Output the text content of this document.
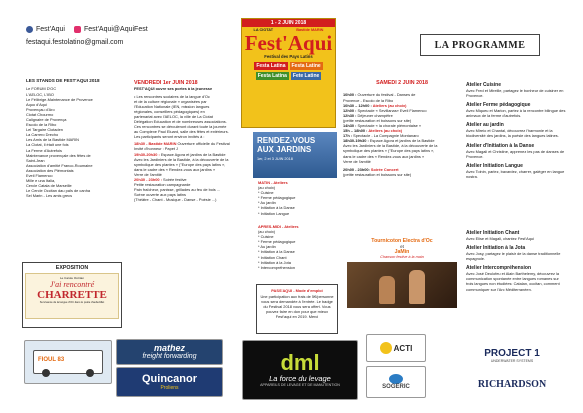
Fest'Aqui	Fest'Aqui@AquiFest
festaqui.festolatino@gmail.com
1 - 2 JUIN 2018
LA CIOTAT	Bastide MARIN
Fest'Aqui
Festival des Pays Latins
Festa Latina	Festa Latine
Festa Latina	Fete Latine
LA PROGRAMME
LES STANDS DE FEST'AQUI 2018
Le FORUM D'OC
L'AELOC, L'IBO
Le Félibrige-Maintenance de Provence
Aquo d'Aqui
Provençau d'Aro
Ciotat Chourmo
Calignaire de Provença
Escolo de la Ribo
Lei Targaire Ciotaden
La Carrero Drecho
Les Amis de la Bastide MARIN
La Ciotat, il était une fois
La Ferme d'Autrefois
Maintenance provençale des fêtes de
Saint-Jean
Association d'amitié Franco-Roumaine
Association des Piémontais
Eveil Flamenco
Mille e una Italia,
Cercle Catala de Marseille
Le Cercle Occitan dau païs de canha
Sel Marin - Les amis grecs
EXPOSITION
Le Carole Occitan
J'ai rencontré
CHARRETTE
Survivance de la langue d'OC dans le poète d'aubertillet
VENDREDI 1er JUIN 2018
FEST'AQUI ouvre ses portes à la jeunesse
• Les rencontres scolaires de la langue d'Oc
et de la culture régionale » organisées par
l'Education Nationale (IEN, mission langues
régionales, conseillers pédagogiques) en
partenariat avec l'AELOC, la ville de La Ciotat
Délégation Education et de nombreuses associations.
Ces rencontres se dérouleront durant toute la journée
au Complexe Paul Eluard, salle des fêtes et extérieurs.
Les participants seront environ invités à :
18h30 - Bastide MARIN Ouverture officielle du Festival
Invité d'honneur : Papet J
19h30-20h30 : Espace Agora et jardins de la Bastide
Avec les Jardiniers de la Bastide, à la découverte de la
symbolique des plantes » ("Europe des pays latins »,
dans le cadre des « Rendez-vous aux jardins »
Verre de l'amitié
20h30 - 23h00 : Soirée festive
Petite restauration campagnarde
Pain fraîcheur, panisse, grillades au feu de bois ...
Scène ouverte aux pays latins
(Théâtre - Chant - Musique - Danse - Poésie ...)
RENDEZ-VOUS
AUX JARDINS
1er, 2 et 3 JUIN 2018
MATIN - Ateliers
(au choix)
* Cuisine
* Ferme pédagogique
* Au jardin
* Initiation à la Danse
* Initiation Langue
APRES-MIDI - Ateliers
(au choix)
* Cuisine
* Ferme pédagogique
* Au jardin
* Initiation à la Danse
* Initiation Chant
* Initiation à la Jota
* Intercompréhension
PASS'AQUI - Mode d'emploi
Une participation aux frais de 5€/personne vous sera demandée à l'entrée. Le badge du Festival 2018 vous sera offert. Vous pouvez faire en don pour que mieux Fest'aqui en 2019. Merci
SAMEDI 2 JUIN 2018
10h00 : Ouverture du festival - Danses de
Provence - Escolo de la Ribo
10h30 – 12h00 : Ateliers (au choix)
12h00 : Spectacle « Sevillanas» Eveil Flamenco
12h30 : Déjeuner champêtre
(petite restauration et boissons sur site)
14h30 : Spectacle « la chorale piémontaise »
15h – 18h00 : Ateliers (au choix)
17h : Spectacle - La Compagnie Montanaro
18h30-19h30 : Espace Agora et jardins de la Bastide
Avec les Jardiniers de la Bastide, à la découverte de la
symbolique des plantes » ("Europe des pays latins »,
dans le cadre des « Rendez-vous aux jardins »
Verre de l'amitié
20h00 - 23h00: Soirée Concert
(petite restauration et boissons sur site)
Tournicoton Electra d'Oc
et
JaMin
Chanson festive à la main
Atelier Cuisine
Avec Fred et Mireille, partagez le bonheur de cuisiner en Provence.
Atelier Ferme pédagogique
Avec Miqueu et Marion, partez à la rencontre bilingue des animaux de la ferme d'autrefois.
Atelier au jardin
Avec Mireio et Chantal, découvrez l'harmonie et la biodiversité des jardins, la poésie des langues latines.
Atelier d'Initiation à la Danse
Avec Magali et Christine, apprenez les pas de danses de Provence.
Atelier Initiation Langue
Avec Toinin, parlez, bavardez, charrer, galéger en langue nostra.
Atelier Initiation Chant
Avec Elise et Magali, chantez Fest'Aqui
Atelier Initiation à la Jota
Avec Josy, partagez le plaisir de la danse traditionnelle espagnole.
Atelier Intercompréhension
Avec José Deulofeu et Alain Barthelemy, découvrez la communication spontanée entre langues romanes sur trois langues non étudiées: Catalan, occitan, comment communiquer sur l'Arc Méditerranéen.
FIOUL 83
mathez
freight forwarding
Quincanor
Proliens
dml
La force du levage
APPAREILS DE LEVAGE ET DE MANUTENTION
ACTI
SOGERIC
PROJECT 1
UNDERWATER SYSTEMS
RICHARDSON
